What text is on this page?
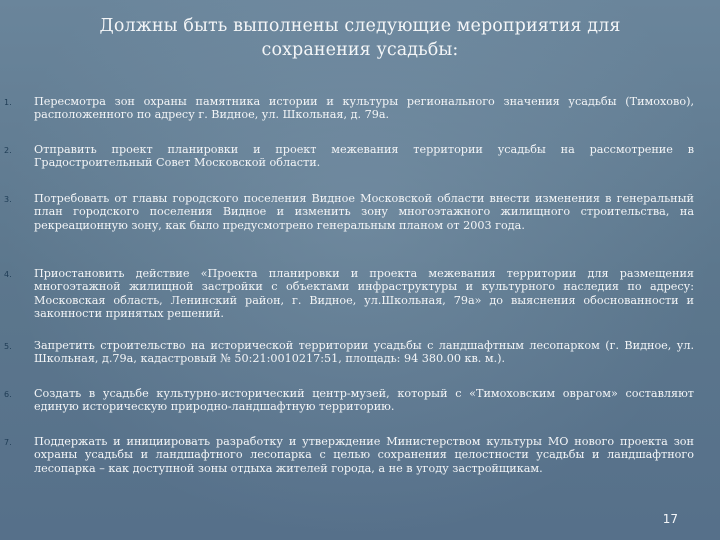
Должны быть выполнены следующие мероприятия для
сохранения усадьбы:
1. Пересмотра зон охраны памятника истории и культуры регионального значения усадьбы (Тимохово), расположенного по адресу г. Видное, ул. Школьная, д. 79а.
2. Отправить проект планировки и проект межевания территории усадьбы на рассмотрение в Градостроительный Совет Московской области.
3. Потребовать от главы городского поселения Видное Московской области внести изменения в генеральный план городского поселения Видное и изменить зону многоэтажного жилищного строительства, на рекреационную зону, как было предусмотрено генеральным планом от 2003 года.
4. Приостановить действие «Проекта планировки и проекта межевания территории для размещения многоэтажной жилищной застройки с объектами инфраструктуры и культурного наследия по адресу: Московская область, Ленинский район, г. Видное, ул.Школьная, 79а» до выяснения обоснованности и законности принятых решений.
5. Запретить строительство на исторической территории усадьбы с ландшафтным лесопарком (г. Видное, ул. Школьная, д.79а, кадастровый № 50:21:0010217:51, площадь: 94 380.00 кв. м.).
6. Создать в усадьбе культурно-исторический центр-музей, который с «Тимоховским оврагом» составляют единую историческую природно-ландшафтную территорию.
7. Поддержать и инициировать разработку и утверждение Министерством культуры МО нового проекта зон охраны усадьбы и ландшафтного лесопарка с целью сохранения целостности усадьбы и ландшафтного лесопарка – как доступной зоны отдыха жителей города, а не в угоду застройщикам.
17
